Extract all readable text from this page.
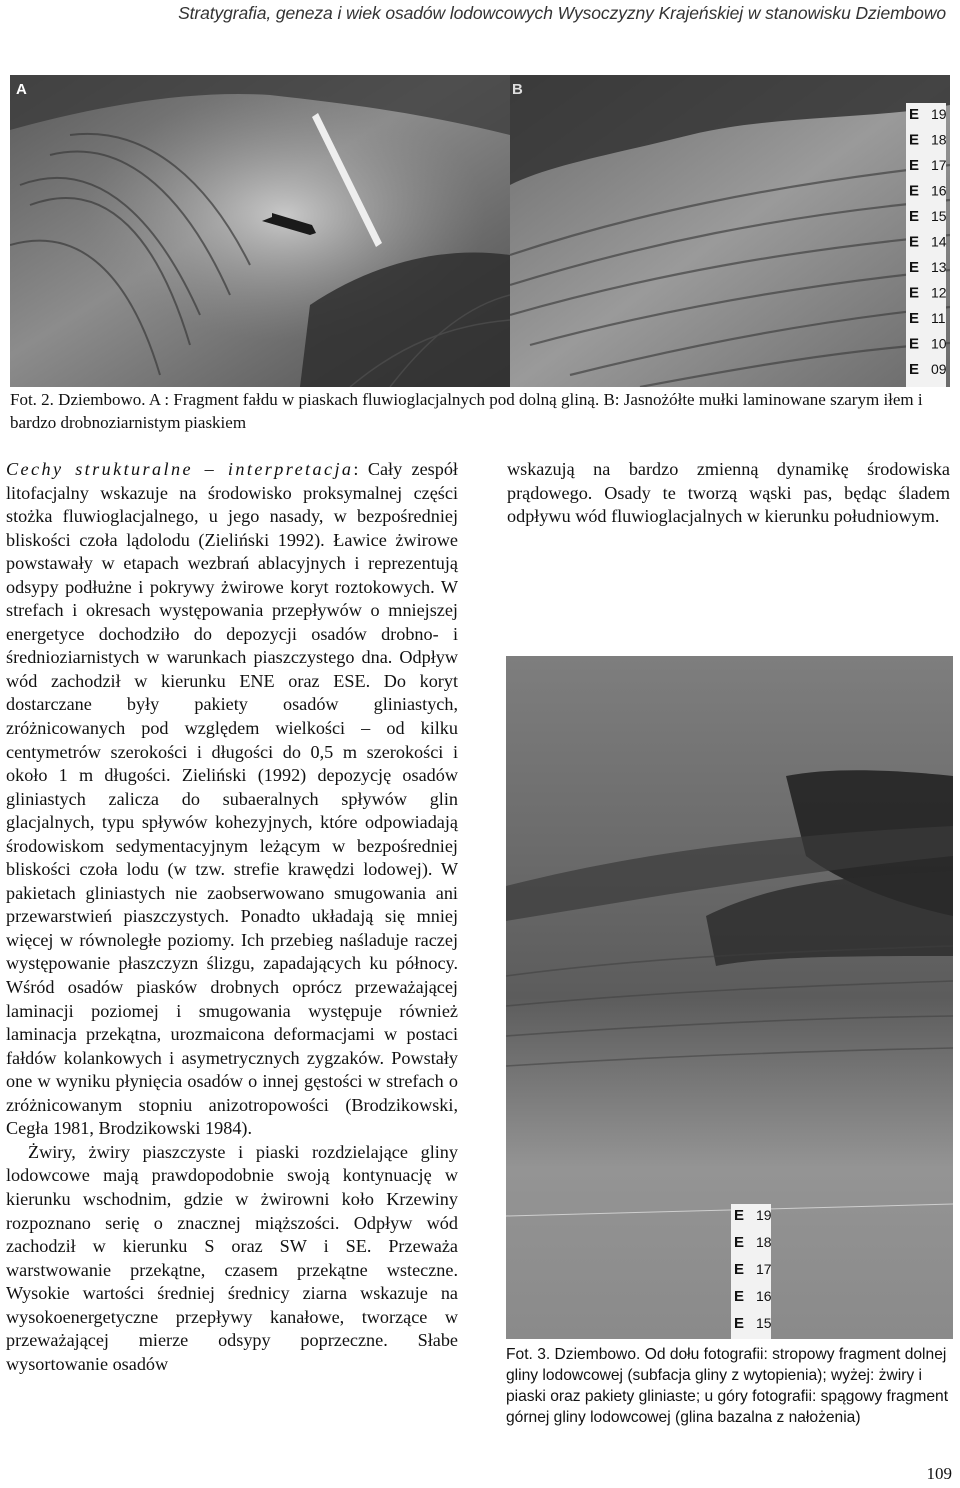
Stratygrafia, geneza i wiek osadów lodowcowych Wysoczyzny Krajeńskiej w stanowisku Dziembowo
A
E 19
E 18
E 17
E 16
E 15
E 14
E 13
E 12
E 11
E 10
E 09
B
Fot. 2. Dziembowo. A : Fragment fałdu w piaskach fluwioglacjalnych pod dolną gliną. B: Jasnożółte mułki laminowane szarym iłem i bardzo drobnoziarnistym piaskiem

Cechy strukturalne – interpretacja: Cały zespół litofacjalny wskazuje na środowisko proksymalnej części stożka fluwioglacjalnego, u jego nasady, w bezpośredniej bliskości czoła lądolodu (Zieliński 1992). Ławice żwirowe powstawały w etapach wezbrań ablacyjnych i reprezentują odsypy podłużne i pokrywy żwirowe koryt roztokowych. W strefach i okresach występowania przepływów o mniejszej energetyce dochodziło do depozycji osadów drobno- i średnioziarnistych w warunkach piaszczystego dna. Odpływ wód zachodził w kierunku ENE oraz ESE. Do koryt dostarczane były pakiety osadów gliniastych, zróżnicowanych pod względem wielkości – od kilku centymetrów szerokości i długości do 0,5 m szerokości i około 1 m długości. Zieliński (1992) depozycję osadów gliniastych zalicza do subaeralnych spływów glin glacjalnych, typu spływów kohezyjnych, które odpowiadają środowiskom sedymentacyjnym leżącym w bezpośredniej bliskości czoła lodu (w tzw. strefie krawędzi lodowej). W pakietach gliniastych nie zaobserwowano smugowania ani przewarstwień piaszczystych. Ponadto układają się mniej więcej w równoległe poziomy. Ich przebieg naśladuje raczej występowanie płaszczyzn ślizgu, zapadających ku północy. Wśród osadów piasków drobnych oprócz przeważającej laminacji poziomej i smugowania występuje również laminacja przekątna, urozmaicona deformacjami w postaci fałdów kolankowych i asymetrycznych zygzaków. Powstały one w wyniku płynięcia osadów o innej gęstości w strefach o zróżnicowanym stopniu anizotropowości (Brodzikowski, Cegła 1981, Brodzikowski 1984).

Żwiry, żwiry piaszczyste i piaski rozdzielające gliny lodowcowe mają prawdopodobnie swoją kontynuację w kierunku wschodnim, gdzie w żwirowni koło Krzewiny rozpoznano serię o znacznej miąższości. Odpływ wód zachodził w kierunku S oraz SW i SE. Przeważa warstwowanie przekątne, czasem przekątne wsteczne. Wysokie wartości średniej średnicy ziarna wskazuje na wysokoenergetyczne przepływy kanałowe, tworzące w przeważającej mierze odsypy poprzeczne. Słabe wysortowanie osadów

wskazują na bardzo zmienną dynamikę środowiska prądowego. Osady te tworzą wąski pas, będąc śladem odpływu wód fluwioglacjalnych w kierunku południowym.

E 19
E 18
E 17
E 16
E 15
Fot. 3. Dziembowo. Od dołu fotografii: stropowy fragment dolnej gliny lodowcowej (subfacja gliny z wytopienia); wyżej: żwiry i piaski oraz pakiety gliniaste; u góry fotografii: spągowy fragment górnej gliny lodowcowej (glina bazalna z nałożenia)
109
